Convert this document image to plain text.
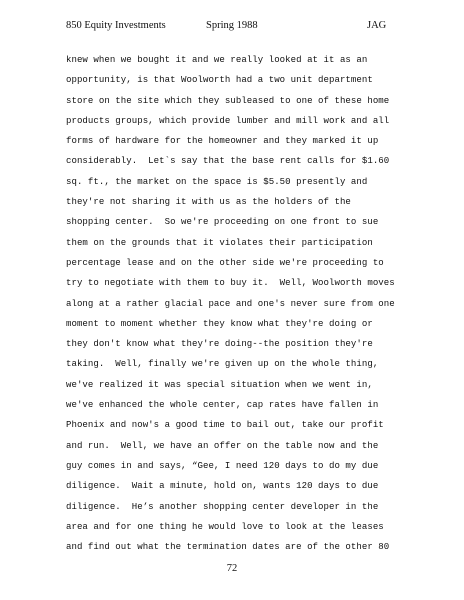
850 Equity Investments	Spring 1988	JAG
knew when we bought it and we really looked at it as an
opportunity, is that Woolworth had a two unit department
store on the site which they subleased to one of these home
products groups, which provide lumber and mill work and all
forms of hardware for the homeowner and they marked it up
considerably.  Let`s say that the base rent calls for $1.60
sq. ft., the market on the space is $5.50 presently and
they're not sharing it with us as the holders of the
shopping center.  So we're proceeding on one front to sue
them on the grounds that it violates their participation
percentage lease and on the other side we're proceeding to
try to negotiate with them to buy it.  Well, Woolworth moves
along at a rather glacial pace and one's never sure from one
moment to moment whether they know what they're doing or
they don't know what they're doing--the position they're
taking.  Well, finally we're given up on the whole thing,
we've realized it was special situation when we went in,
we've enhanced the whole center, cap rates have fallen in
Phoenix and now's a good time to bail out, take our profit
and run.  Well, we have an offer on the table now and the
guy comes in and says, “Gee, I need 120 days to do my due
diligence.  Wait a minute, hold on, wants 120 days to due
diligence.  He’s another shopping center developer in the
area and for one thing he would love to look at the leases
and find out what the termination dates are of the other 80
72
